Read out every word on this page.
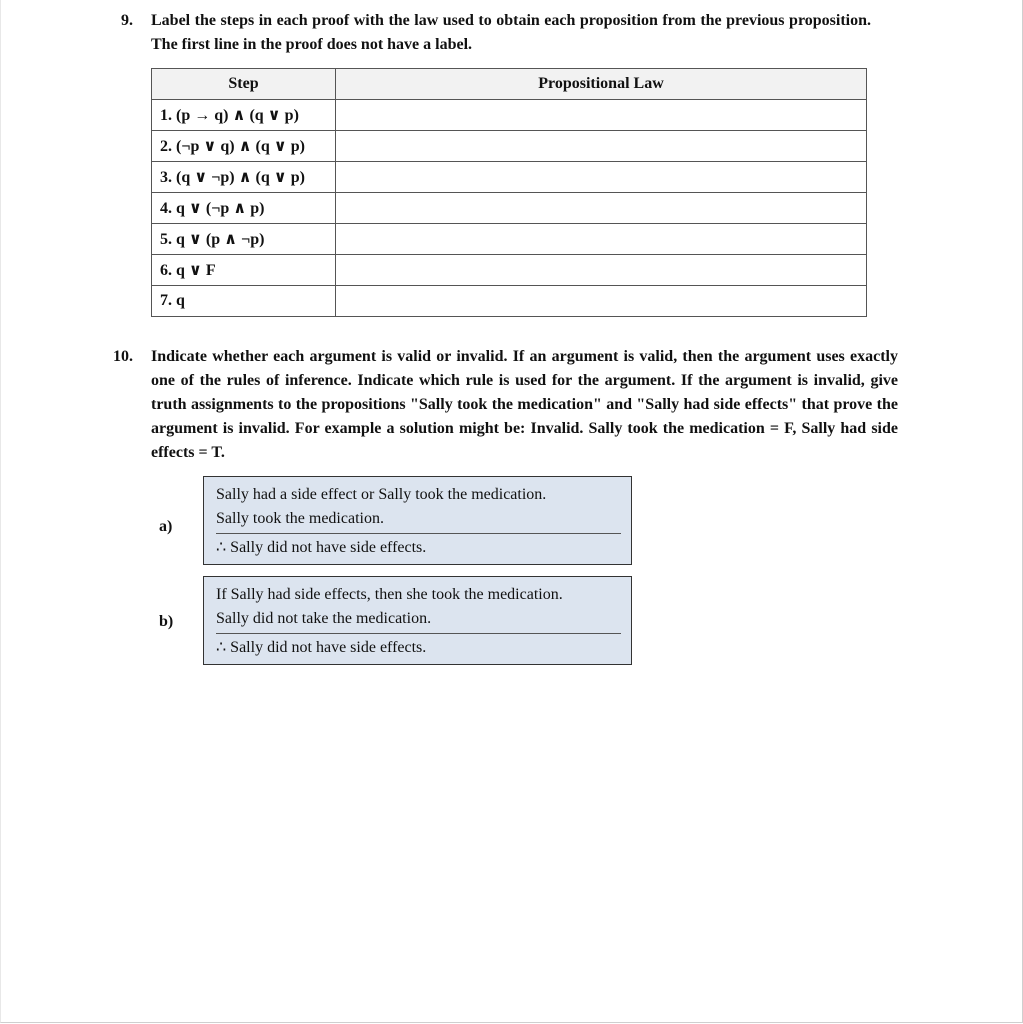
9. Label the steps in each proof with the law used to obtain each proposition from the previous proposition. The first line in the proof does not have a label.
Step	Propositional Law
1. (p → q) ∧ (q ∨ p)	
2. (¬p ∨ q) ∧ (q ∨ p)	
3. (q ∨ ¬p) ∧ (q ∨ p)	
4. q ∨ (¬p ∧ p)	
5. q ∨ (p ∧ ¬p)	
6. q ∨ F	
7. q	
10. Indicate whether each argument is valid or invalid. If an argument is valid, then the argument uses exactly one of the rules of inference. Indicate which rule is used for the argument. If the argument is invalid, give truth assignments to the propositions "Sally took the medication" and "Sally had side effects" that prove the argument is invalid. For example a solution might be: Invalid. Sally took the medication = F, Sally had side effects = T.
a)
Sally had a side effect or Sally took the medication.
Sally took the medication.
∴ Sally did not have side effects.
b)
If Sally had side effects, then she took the medication.
Sally did not take the medication.
∴ Sally did not have side effects.
